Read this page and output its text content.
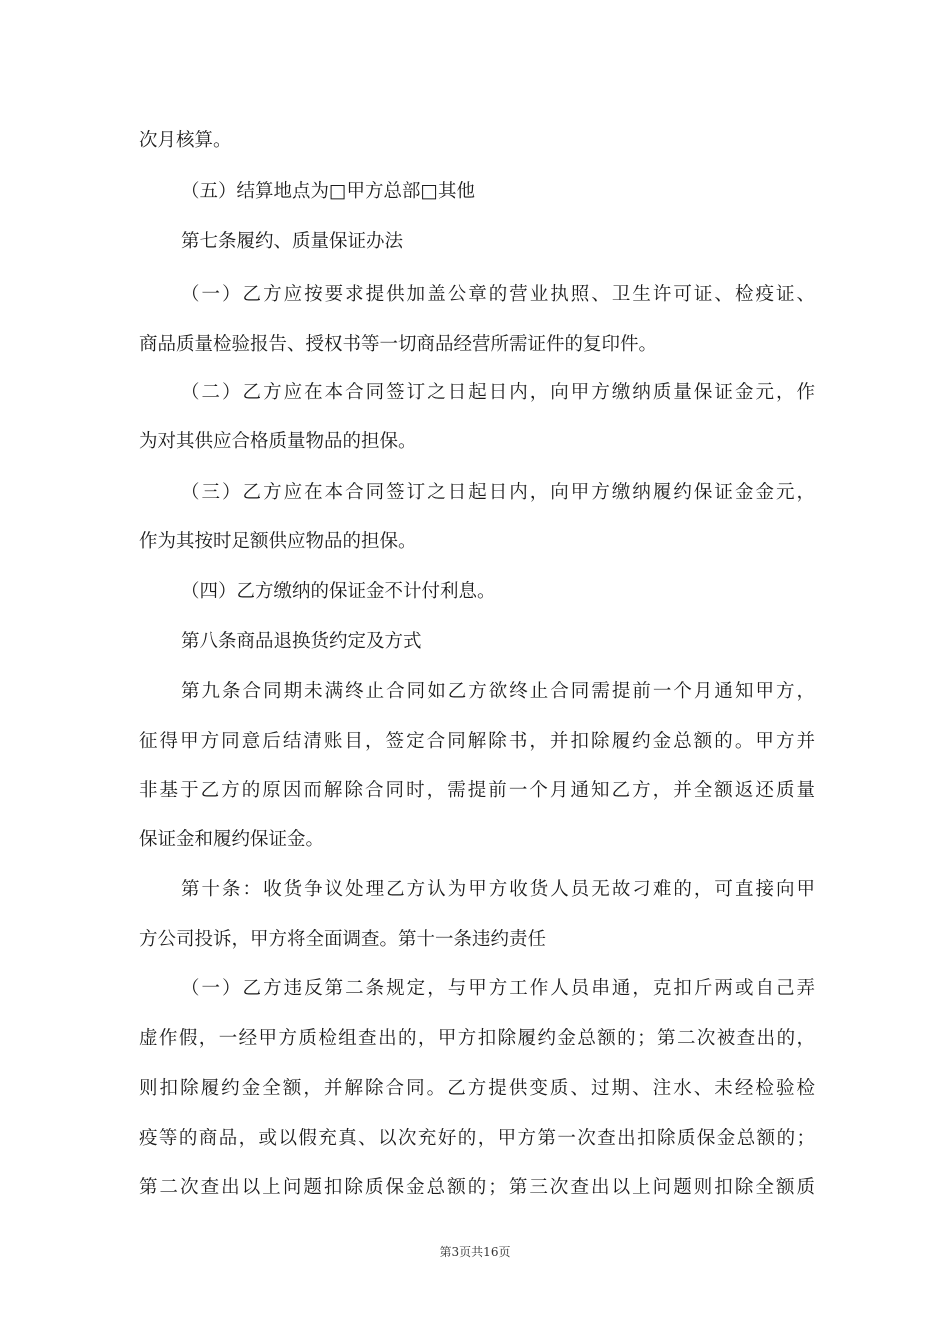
次月核算。
（五）结算地点为□甲方总部□其他
第七条履约、质量保证办法
（一）乙方应按要求提供加盖公章的营业执照、卫生许可证、检疫证、
商品质量检验报告、授权书等一切商品经营所需证件的复印件。
（二）乙方应在本合同签订之日起日内，向甲方缴纳质量保证金元，作
为对其供应合格质量物品的担保。
（三）乙方应在本合同签订之日起日内，向甲方缴纳履约保证金金元，
作为其按时足额供应物品的担保。
（四）乙方缴纳的保证金不计付利息。
第八条商品退换货约定及方式
第九条合同期未满终止合同如乙方欲终止合同需提前一个月通知甲方，
征得甲方同意后结清账目，签定合同解除书，并扣除履约金总额的。甲方并
非基于乙方的原因而解除合同时，需提前一个月通知乙方，并全额返还质量
保证金和履约保证金。
第十条：收货争议处理乙方认为甲方收货人员无故刁难的，可直接向甲
方公司投诉，甲方将全面调查。第十一条违约责任
（一）乙方违反第二条规定，与甲方工作人员串通，克扣斤两或自己弄
虚作假，一经甲方质检组查出的，甲方扣除履约金总额的；第二次被查出的，
则扣除履约金全额，并解除合同。乙方提供变质、过期、注水、未经检验检
疫等的商品，或以假充真、以次充好的，甲方第一次查出扣除质保金总额的；
第二次查出以上问题扣除质保金总额的；第三次查出以上问题则扣除全额质
第3页共16页
